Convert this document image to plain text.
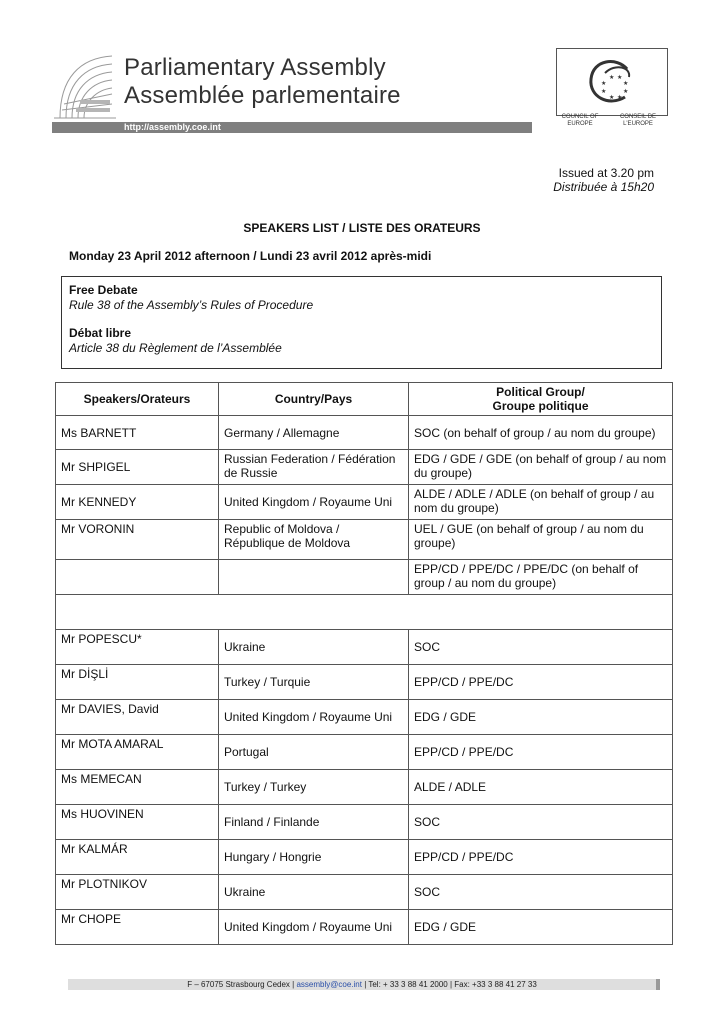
Parliamentary Assembly
Assemblée parlementaire
http://assembly.coe.int
★ ★
★	★
★	★
★ ★
COUNCIL OF EUROPE
CONSEIL DE L'EUROPE
Issued at 3.20 pm
Distribuée à 15h20
SPEAKERS LIST / LISTE DES ORATEURS
Monday 23 April 2012 afternoon / Lundi 23 avril 2012 après-midi
Free Debate
Rule 38 of the Assembly’s Rules of Procedure
Débat libre
Article 38 du Règlement de l’Assemblée
Speakers/Orateurs	Country/Pays	Political Group/
Groupe politique

Ms BARNETT	Germany / Allemagne	SOC (on behalf of group / au nom du groupe)
Mr SHPIGEL	Russian Federation / Fédération de Russie	EDG / GDE / GDE (on behalf of group / au nom du groupe)
Mr KENNEDY	United Kingdom / Royaume Uni	ALDE / ADLE / ADLE (on behalf of group / au nom du groupe)
Mr VORONIN	Republic of Moldova / République de Moldova	UEL / GUE (on behalf of group / au nom du groupe)
		EPP/CD / PPE/DC / PPE/DC (on behalf of group / au nom du groupe)

Mr POPESCU*	Ukraine	SOC
Mr DİŞLİ	Turkey / Turquie	EPP/CD / PPE/DC
Mr DAVIES, David	United Kingdom / Royaume Uni	EDG / GDE
Mr MOTA AMARAL	Portugal	EPP/CD / PPE/DC
Ms MEMECAN	Turkey / Turkey	ALDE / ADLE
Ms HUOVINEN	Finland / Finlande	SOC
Mr KALMÁR	Hungary / Hongrie	EPP/CD / PPE/DC
Mr PLOTNIKOV	Ukraine	SOC
Mr CHOPE	United Kingdom / Royaume Uni	EDG / GDE
F – 67075 Strasbourg Cedex | assembly@coe.int | Tel: + 33 3 88 41 2000 | Fax: +33 3 88 41 27 33
